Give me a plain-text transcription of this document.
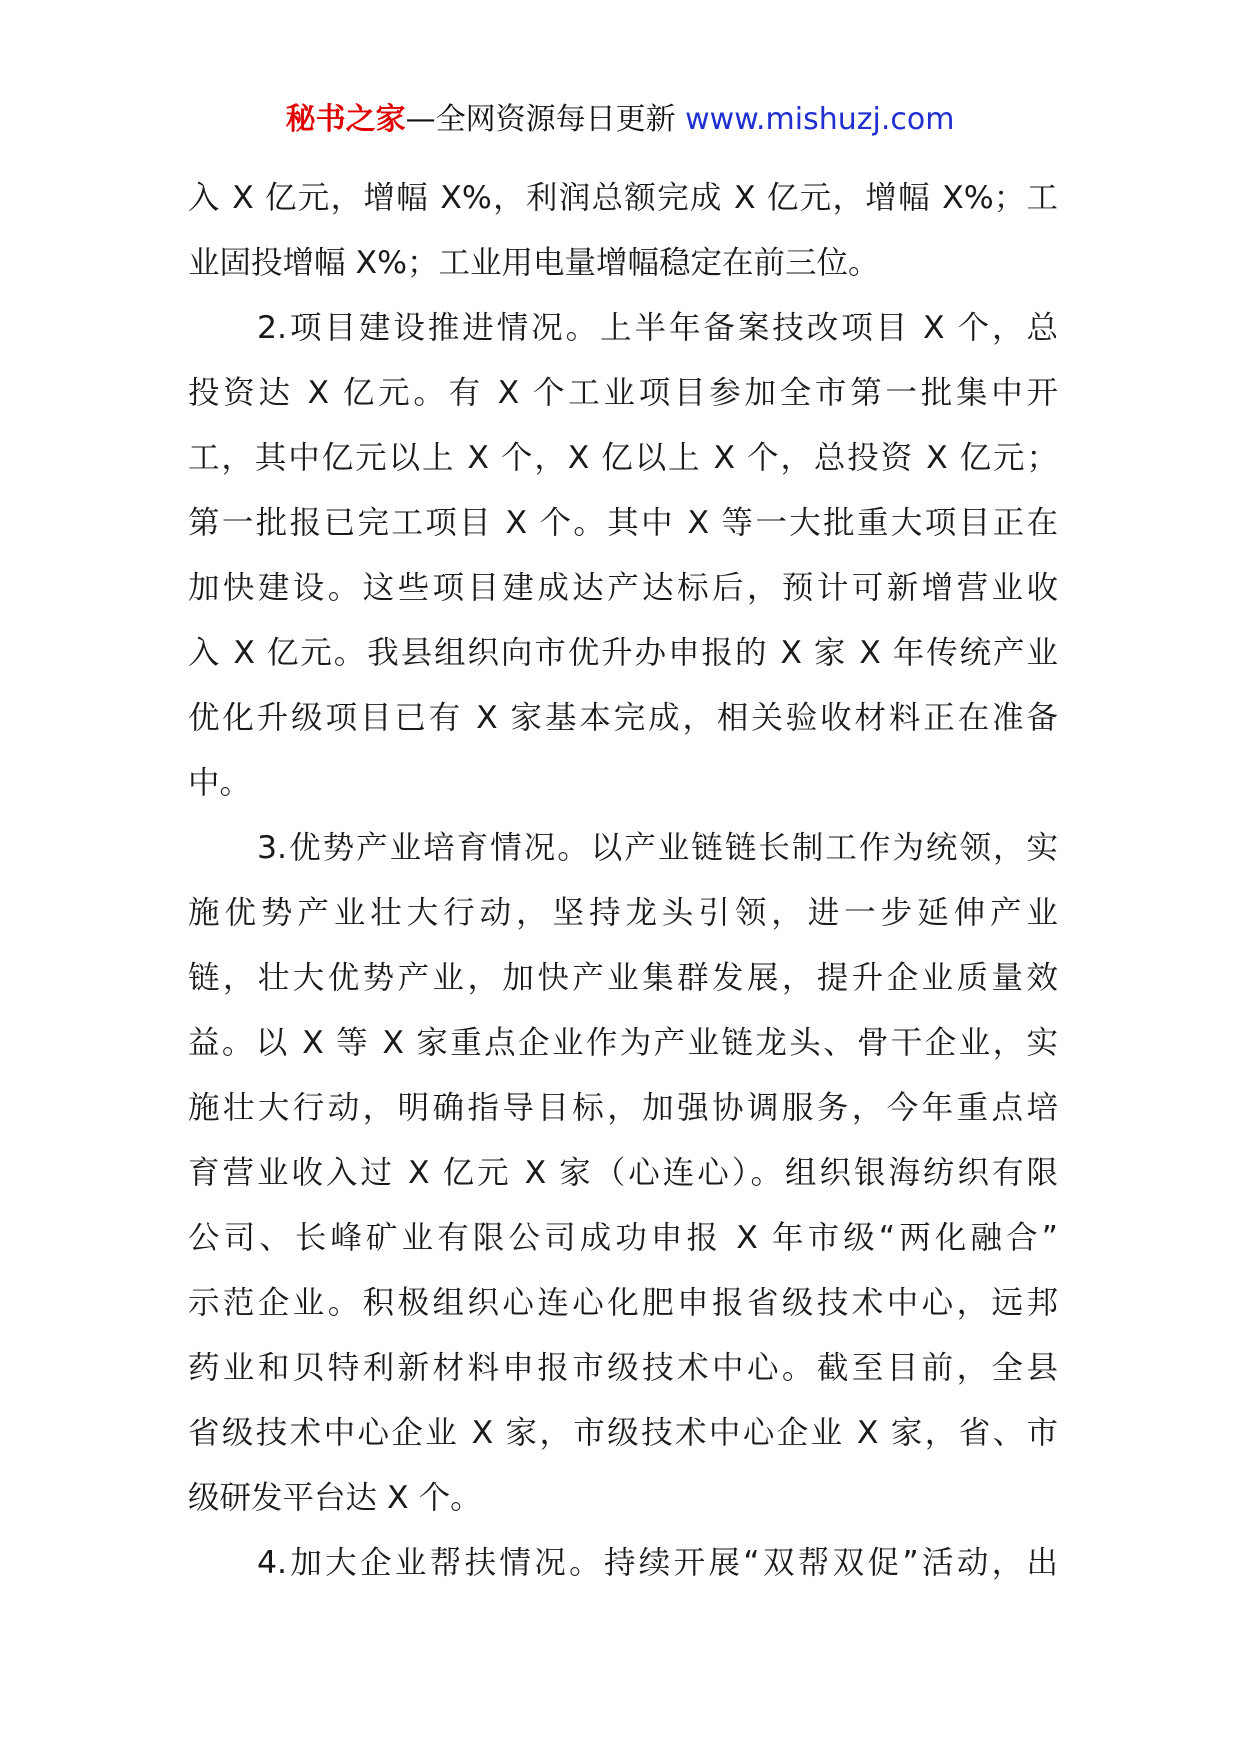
秘书之家—全网资源每日更新 www.mishuzj.com
入 X 亿元，增幅 X%，利润总额完成 X 亿元，增幅 X%；工
业固投增幅 X%；工业用电量增幅稳定在前三位。
2.项目建设推进情况。上半年备案技改项目 X 个，总
投资达 X 亿元。有 X 个工业项目参加全市第一批集中开
工，其中亿元以上 X 个，X 亿以上 X 个，总投资 X 亿元；
第一批报已完工项目 X 个。其中 X 等一大批重大项目正在
加快建设。这些项目建成达产达标后，预计可新增营业收
入 X 亿元。我县组织向市优升办申报的 X 家 X 年传统产业
优化升级项目已有 X 家基本完成，相关验收材料正在准备
中。
3.优势产业培育情况。以产业链链长制工作为统领，实
施优势产业壮大行动，坚持龙头引领，进一步延伸产业
链，壮大优势产业，加快产业集群发展，提升企业质量效
益。以 X 等 X 家重点企业作为产业链龙头、骨干企业，实
施壮大行动，明确指导目标，加强协调服务，今年重点培
育营业收入过 X 亿元 X 家（心连心）。组织银海纺织有限
公司、长峰矿业有限公司成功申报 X 年市级“两化融合”
示范企业。积极组织心连心化肥申报省级技术中心，远邦
药业和贝特利新材料申报市级技术中心。截至目前，全县
省级技术中心企业 X 家，市级技术中心企业 X 家，省、市
级研发平台达 X 个。
4.加大企业帮扶情况。持续开展“双帮双促”活动，出
